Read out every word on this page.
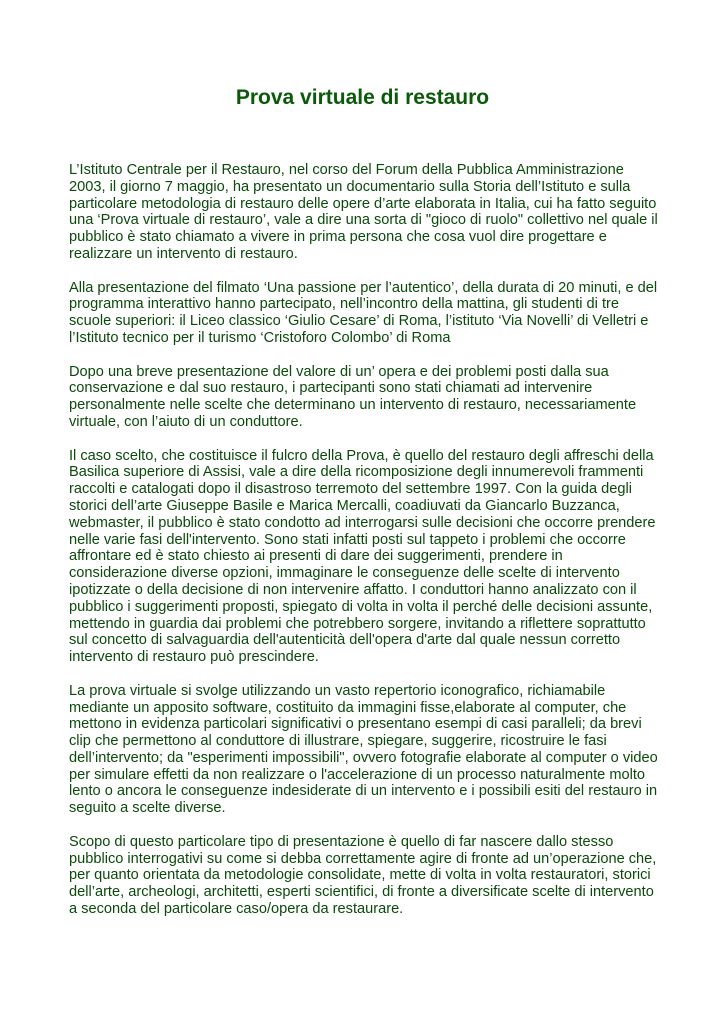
Prova virtuale di restauro

L’Istituto Centrale per il Restauro, nel corso del Forum della Pubblica Amministrazione 2003, il giorno 7 maggio, ha presentato un documentario sulla Storia dell’Istituto e sulla particolare metodologia di restauro delle opere d’arte elaborata in Italia, cui ha fatto seguito una ‘Prova virtuale di restauro’, vale a dire una sorta di "gioco di ruolo" collettivo nel quale il pubblico è stato chiamato a vivere in prima persona che cosa vuol dire progettare e realizzare un intervento di restauro.

Alla presentazione del filmato ‘Una passione per l’autentico’, della durata di 20 minuti, e del programma interattivo hanno partecipato, nell’incontro della mattina, gli studenti di tre scuole superiori: il Liceo classico ‘Giulio Cesare’ di Roma, l’istituto ‘Via Novelli’ di Velletri e l’Istituto tecnico per il turismo ‘Cristoforo Colombo’ di Roma

Dopo una breve presentazione del valore di un’ opera e dei problemi posti dalla sua conservazione e dal suo restauro, i partecipanti sono stati chiamati ad intervenire personalmente nelle scelte che determinano un intervento di restauro, necessariamente virtuale, con l’aiuto di un conduttore.

Il caso scelto, che costituisce il fulcro della Prova, è quello del restauro degli affreschi della Basilica superiore di Assisi, vale a dire della ricomposizione degli innumerevoli frammenti raccolti e catalogati dopo il disastroso terremoto del settembre 1997. Con la guida degli storici dell’arte Giuseppe Basile e Marica Mercalli, coadiuvati da Giancarlo Buzzanca, webmaster, il pubblico è stato condotto ad interrogarsi sulle decisioni che occorre prendere nelle varie fasi dell'intervento. Sono stati infatti posti sul tappeto i problemi che occorre affrontare ed è stato chiesto ai presenti di dare dei suggerimenti, prendere in considerazione diverse opzioni, immaginare le conseguenze delle scelte di intervento ipotizzate o della decisione di non intervenire affatto. I conduttori hanno analizzato con il pubblico i suggerimenti proposti, spiegato di volta in volta il perché delle decisioni assunte, mettendo in guardia dai problemi che potrebbero sorgere, invitando a riflettere soprattutto sul concetto di salvaguardia dell'autenticità dell'opera d'arte dal quale nessun corretto intervento di restauro può prescindere.

La prova virtuale si svolge utilizzando un vasto repertorio iconografico, richiamabile mediante un apposito software, costituito da immagini fisse,elaborate al computer, che mettono in evidenza particolari significativi o presentano esempi di casi paralleli; da brevi clip che permettono al conduttore di illustrare, spiegare, suggerire, ricostruire le fasi dell’intervento; da "esperimenti impossibili", ovvero fotografie elaborate al computer o video per simulare effetti da non realizzare o l'accelerazione di un processo naturalmente molto lento o ancora le conseguenze indesiderate di un intervento e i possibili esiti del restauro in seguito a scelte diverse.

Scopo di questo particolare tipo di presentazione è quello di far nascere dallo stesso pubblico interrogativi su come si debba correttamente agire di fronte ad un’operazione che, per quanto orientata da metodologie consolidate, mette di volta in volta restauratori, storici dell’arte, archeologi, architetti, esperti scientifici, di fronte a diversificate scelte di intervento a seconda del particolare caso/opera da restaurare.
